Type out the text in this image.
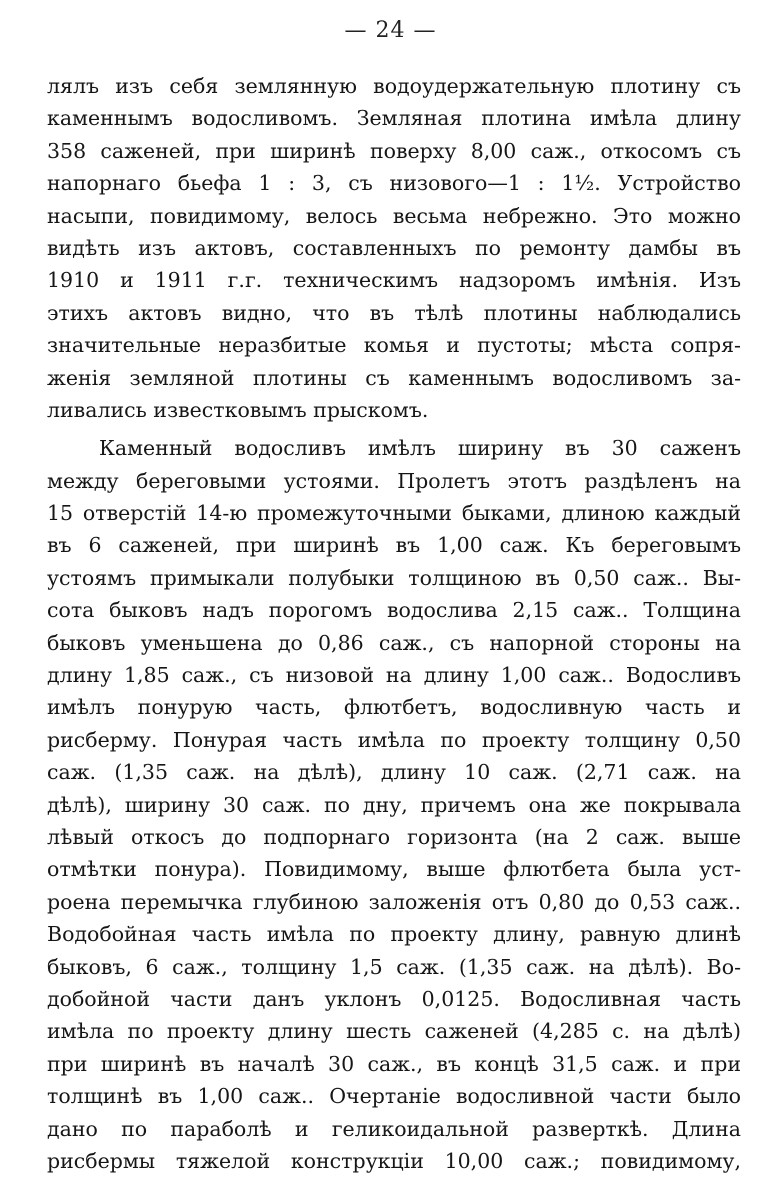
— 24 —
лялъ изъ себя землянную водоудержательную плотину съ
каменнымъ водосливомъ. Земляная плотина имѣла длину
358 саженей, при ширинѣ поверху 8,00 саж., откосомъ съ
напорнаго бьефа 1 : 3, съ низового—1 : 1½. Устройство
насыпи, повидимому, велось весьма небрежно. Это можно
видѣть изъ актовъ, составленныхъ по ремонту дамбы въ
1910 и 1911 г.г. техническимъ надзоромъ имѣнія. Изъ
этихъ актовъ видно, что въ тѣлѣ плотины наблюдались
значительные неразбитые комья и пустоты; мѣста сопря-
женія земляной плотины съ каменнымъ водосливомъ за-
ливались известковымъ прыскомъ.
Каменный водосливъ имѣлъ ширину въ 30 саженъ
между береговыми устоями. Пролетъ этотъ раздѣленъ на
15 отверстій 14-ю промежуточными быками, длиною каждый
въ 6 саженей, при ширинѣ въ 1,00 саж. Къ береговымъ
устоямъ примыкали полубыки толщиною въ 0,50 саж.. Вы-
сота быковъ надъ порогомъ водослива 2,15 саж.. Толщина
быковъ уменьшена до 0,86 саж., съ напорной стороны на
длину 1,85 саж., съ низовой на длину 1,00 саж.. Водосливъ
имѣлъ понурую часть, флютбетъ, водосливную часть и
рисберму. Понурая часть имѣла по проекту толщину 0,50
саж. (1,35 саж. на дѣлѣ), длину 10 саж. (2,71 саж. на
дѣлѣ), ширину 30 саж. по дну, причемъ она же покрывала
лѣвый откосъ до подпорнаго горизонта (на 2 саж. выше
отмѣтки понура). Повидимому, выше флютбета была уст-
роена перемычка глубиною заложенія отъ 0,80 до 0,53 саж..
Водобойная часть имѣла по проекту длину, равную длинѣ
быковъ, 6 саж., толщину 1,5 саж. (1,35 саж. на дѣлѣ). Во-
добойной части данъ уклонъ 0,0125. Водосливная часть
имѣла по проекту длину шесть саженей (4,285 с. на дѣлѣ)
при ширинѣ въ началѣ 30 саж., въ концѣ 31,5 саж. и при
толщинѣ въ 1,00 саж.. Очертаніе водосливной части было
дано по параболѣ и геликоидальной разверткѣ. Длина
рисбермы тяжелой конструкціи 10,00 саж.; повидимому,
